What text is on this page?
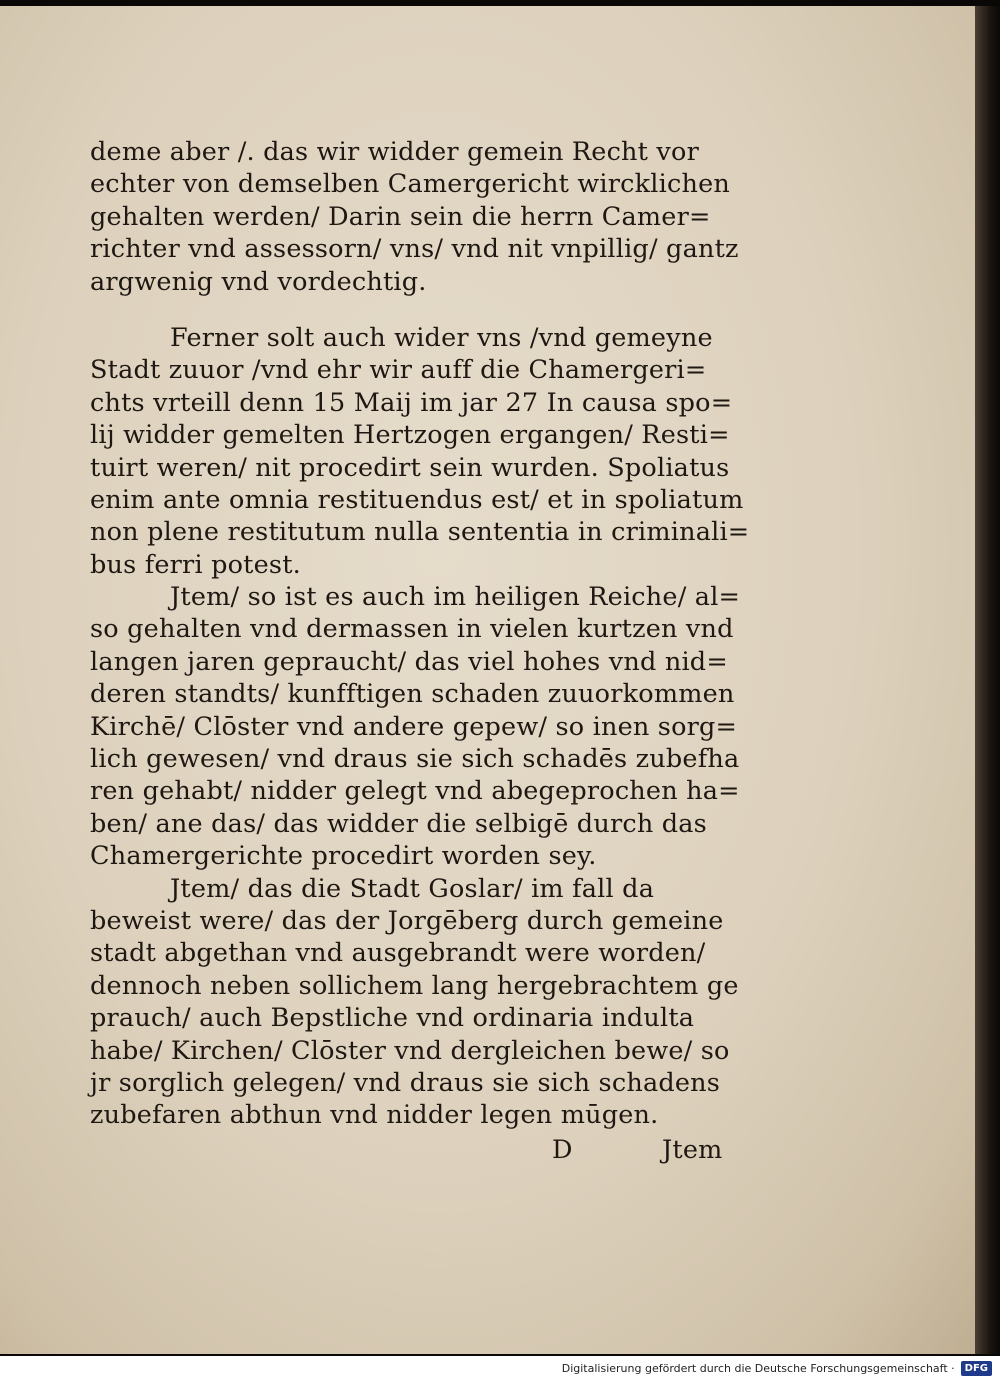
deme aber /. das wir widder gemein Recht vor
echter von demselben Camergericht wircklichen
gehalten werden/ Darin sein die herrn Camer=
richter vnd assessorn/ vns/ vnd nit vnpillig/ gantz
argwenig vnd vordechtig.
Ferner solt auch wider vns /vnd gemeyne
Stadt zuuor /vnd ehr wir auff die Chamergeri=
chts vrteill denn 15 Maij im jar 27 In causa spo=
lij widder gemelten Hertzogen ergangen/ Resti=
tuirt weren/ nit procedirt sein wurden. Spoliatus
enim ante omnia restituendus est/ et in spoliatum
non plene restitutum nulla sententia in criminali=
bus ferri potest.
Jtem/ so ist es auch im heiligen Reiche/ al=
so gehalten vnd dermassen in vielen kurtzen vnd
langen jaren gepraucht/ das viel hohes vnd nid=
deren standts/ kunfftigen schaden zuuorkommen
Kirchē/ Clōster vnd andere gepew/ so inen sorg=
lich gewesen/ vnd draus sie sich schadēs zubefha
ren gehabt/ nidder gelegt vnd abegeprochen ha=
ben/ ane das/ das widder die selbigē durch das
Chamergerichte procedirt worden sey.
Jtem/ das die Stadt Goslar/ im fall da
beweist were/ das der Jorgēberg durch gemeine
stadt abgethan vnd ausgebrandt were worden/
dennoch neben sollichem lang hergebrachtem ge
prauch/ auch Bepstliche vnd ordinaria indulta
habe/ Kirchen/ Clōster vnd dergleichen bewe/ so
jr sorglich gelegen/ vnd draus sie sich schadens
zubefaren abthun vnd nidder legen mūgen.
D	Jtem
Digitalisierung gefördert durch die Deutsche Forschungsgemeinschaft ·	DFG
